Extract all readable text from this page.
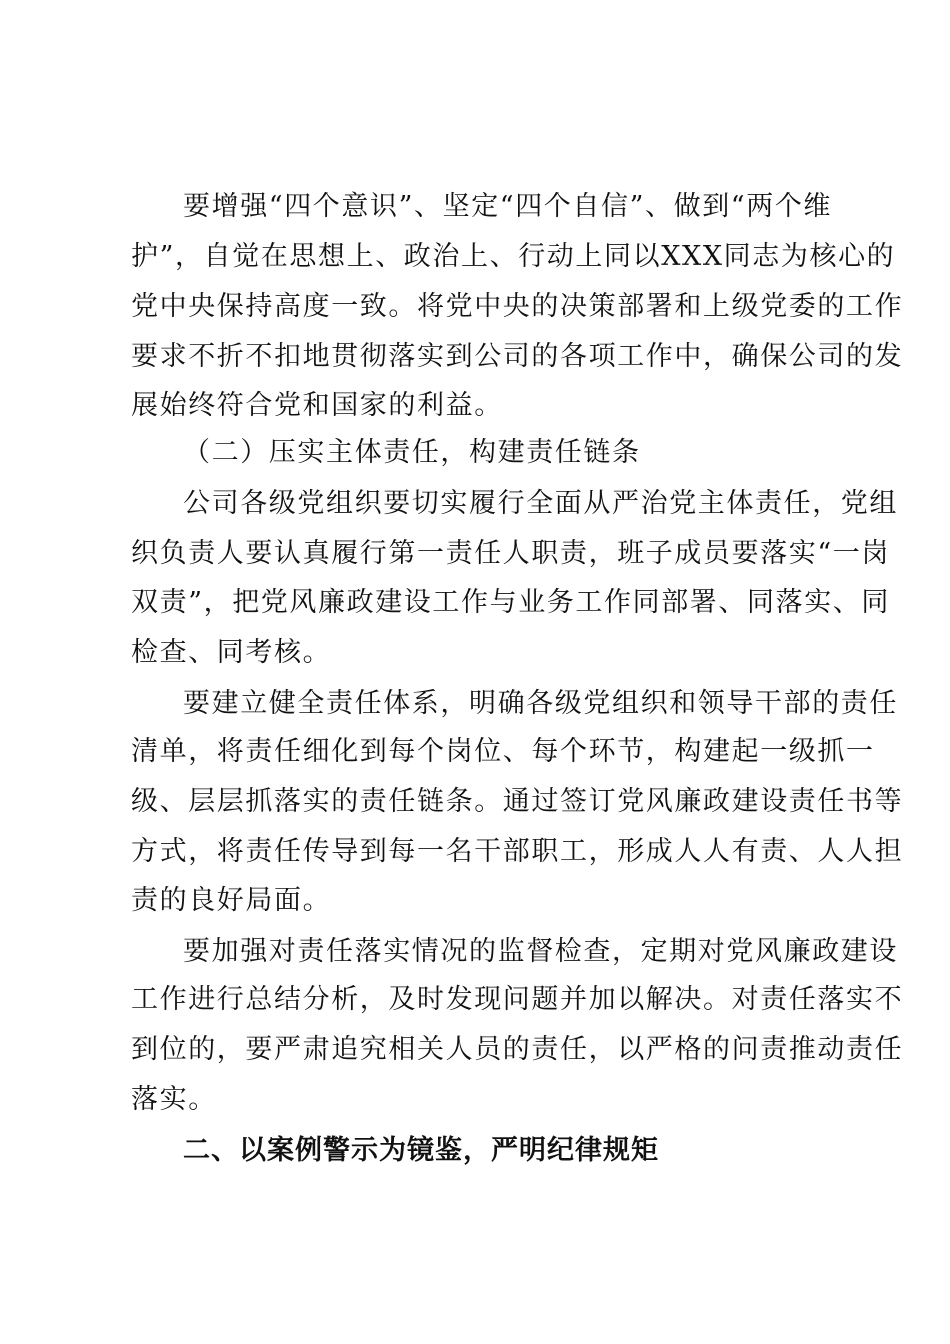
要增强“四个意识”、坚定“四个自信”、做到“两个维
护”，自觉在思想上、政治上、行动上同以XXX同志为核心的
党中央保持高度一致。将党中央的决策部署和上级党委的工作
要求不折不扣地贯彻落实到公司的各项工作中，确保公司的发
展始终符合党和国家的利益。
（二）压实主体责任，构建责任链条
公司各级党组织要切实履行全面从严治党主体责任，党组
织负责人要认真履行第一责任人职责，班子成员要落实“一岗
双责”，把党风廉政建设工作与业务工作同部署、同落实、同
检查、同考核。
要建立健全责任体系，明确各级党组织和领导干部的责任
清单，将责任细化到每个岗位、每个环节，构建起一级抓一
级、层层抓落实的责任链条。通过签订党风廉政建设责任书等
方式，将责任传导到每一名干部职工，形成人人有责、人人担
责的良好局面。
要加强对责任落实情况的监督检查，定期对党风廉政建设
工作进行总结分析，及时发现问题并加以解决。对责任落实不
到位的，要严肃追究相关人员的责任，以严格的问责推动责任
落实。
二、以案例警示为镜鉴，严明纪律规矩
